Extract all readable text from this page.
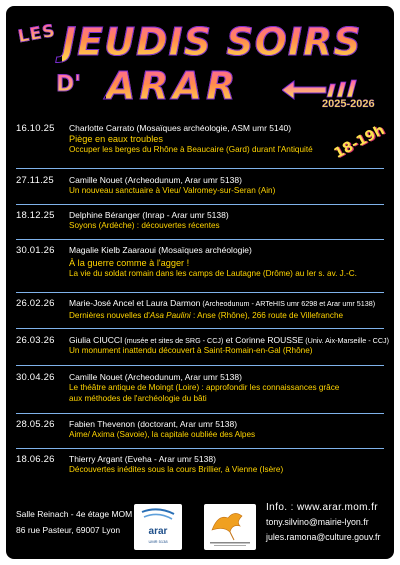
LES JEUDIS SOIRS
D' ARAR	2025-2026
18-19h
16.10.25 Charlotte Carrato (Mosaïques archéologie, ASM umr 5140)
Piège en eaux troubles
Occuper les berges du Rhône à Beaucaire (Gard) durant l'Antiquité
27.11.25 Camille Nouet (Archeodunum, Arar umr 5138)
Un nouveau sanctuaire à Vieu/ Valromey-sur-Seran (Ain)
18.12.25 Delphine Béranger (Inrap - Arar umr 5138)
Soyons (Ardèche) : découvertes récentes
30.01.26 Magalie Kielb Zaaraoui (Mosaïques archéologie)
À la guerre comme à l'agger !
La vie du soldat romain dans les camps de Lautagne (Drôme) au Ier s. av. J.-C.
26.02.26 Marie-José Ancel et Laura Darmon (Archeodunum - ARTeHIS umr 6298 et Arar umr 5138)
Dernières nouvelles d'Asa Paulini : Anse (Rhône), 266 route de Villefranche
26.03.26 Giulia CIUCCI (musée et sites de SRG - CCJ) et Corinne ROUSSE (Univ. Aix-Marseille - CCJ)
Un monument inattendu découvert à Saint-Romain-en-Gal (Rhône)
30.04.26 Camille Nouet (Archeodunum, Arar umr 5138)
Le théâtre antique de Moingt (Loire) : approfondir les connaissances grâce
aux méthodes de l'archéologie du bâti
28.05.26 Fabien Thevenon (doctorant, Arar umr 5138)
Aime/ Axima (Savoie), la capitale oubliée des Alpes
18.06.26 Thierry Argant (Eveha - Arar umr 5138)
Découvertes inédites sous la cours Brillier, à Vienne (Isère)
Salle Reinach - 4e étage MOM
86 rue Pasteur, 69007 Lyon	arar
UMR 5138
Info. : www.arar.mom.fr
tony.silvino@mairie-lyon.fr
jules.ramona@culture.gouv.fr
